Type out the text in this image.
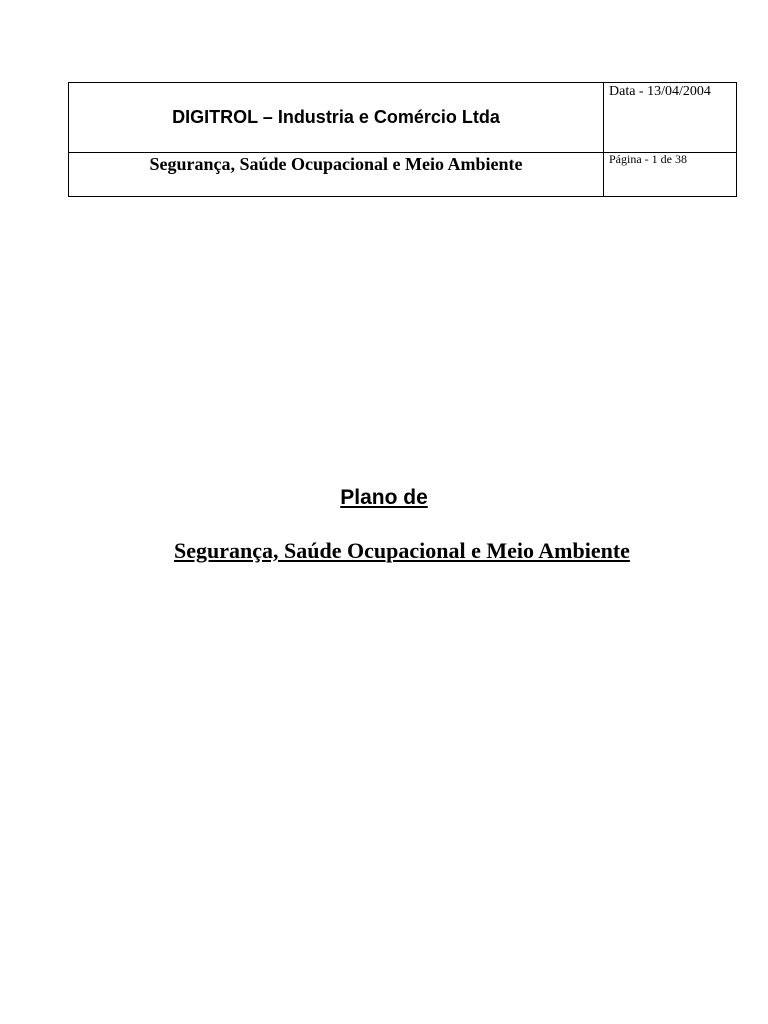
DIGITROL – Industria e Comércio Ltda
Data - 13/04/2004
Segurança, Saúde Ocupacional e Meio Ambiente	Página - 1 de 38
Plano de
Segurança, Saúde Ocupacional e Meio Ambiente
